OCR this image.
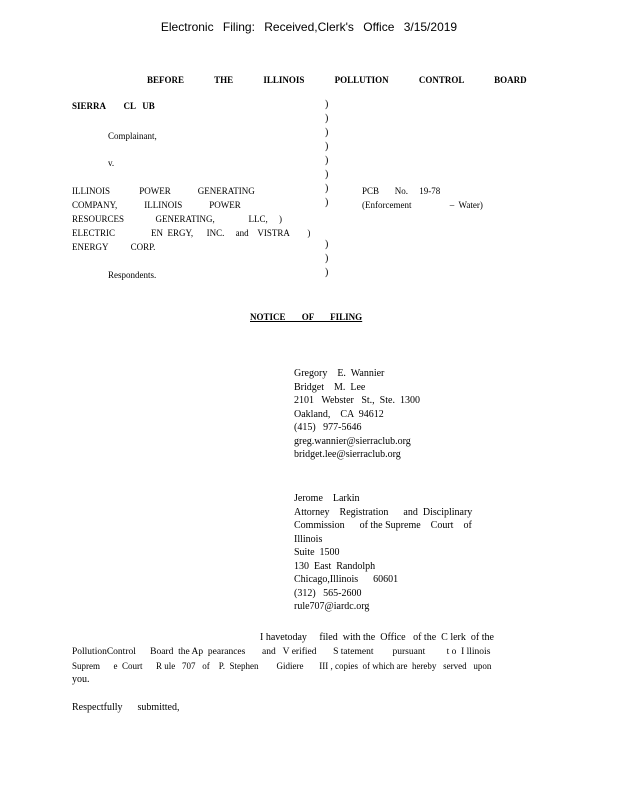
Electronic Filing: Received,Clerk's Office 3/15/2019
BEFORE THE ILLINOIS POLLUTION CONTROL BOARD
SIERRA        CL   UB
Complainant,
v.
)
)
)
)
)
)
)
)
ILLINOIS             POWER            GENERATING
COMPANY,            ILLINOIS            POWER
RESOURCES              GENERATING,               LLC,     )
ELECTRIC                EN  ERGY,      INC.     and    VISTRA        )
ENERGY          CORP.	)
)
)
PCB       No.     19-78
(Enforcement                 –  Water)
Respondents.
NOTICE OF FILING
Gregory    E.  Wannier
Bridget    M.  Lee
2101   Webster   St.,  Ste.  1300
Oakland,    CA  94612
(415)   977-5646
greg.wannier@sierraclub.org
bridget.lee@sierraclub.org
Jerome    Larkin
Attorney    Registration      and  Disciplinary
Commission      of the Supreme    Court    of
Illinois
Suite  1500
130  East  Randolph
Chicago,Illinois      60601
(312)   565-2600
rule707@iardc.org
I havetoday     filed  with the  Office   of the  C lerk  of the
PollutionControl      Board  the Ap  pearances       and   V erified       S tatement        pursuant         t o  I llinois
Suprem      e  Court      R ule   707   of    P.  Stephen        Gidiere       III , copies  of which are  hereby   served   upon
you.
Respectfully      submitted,
